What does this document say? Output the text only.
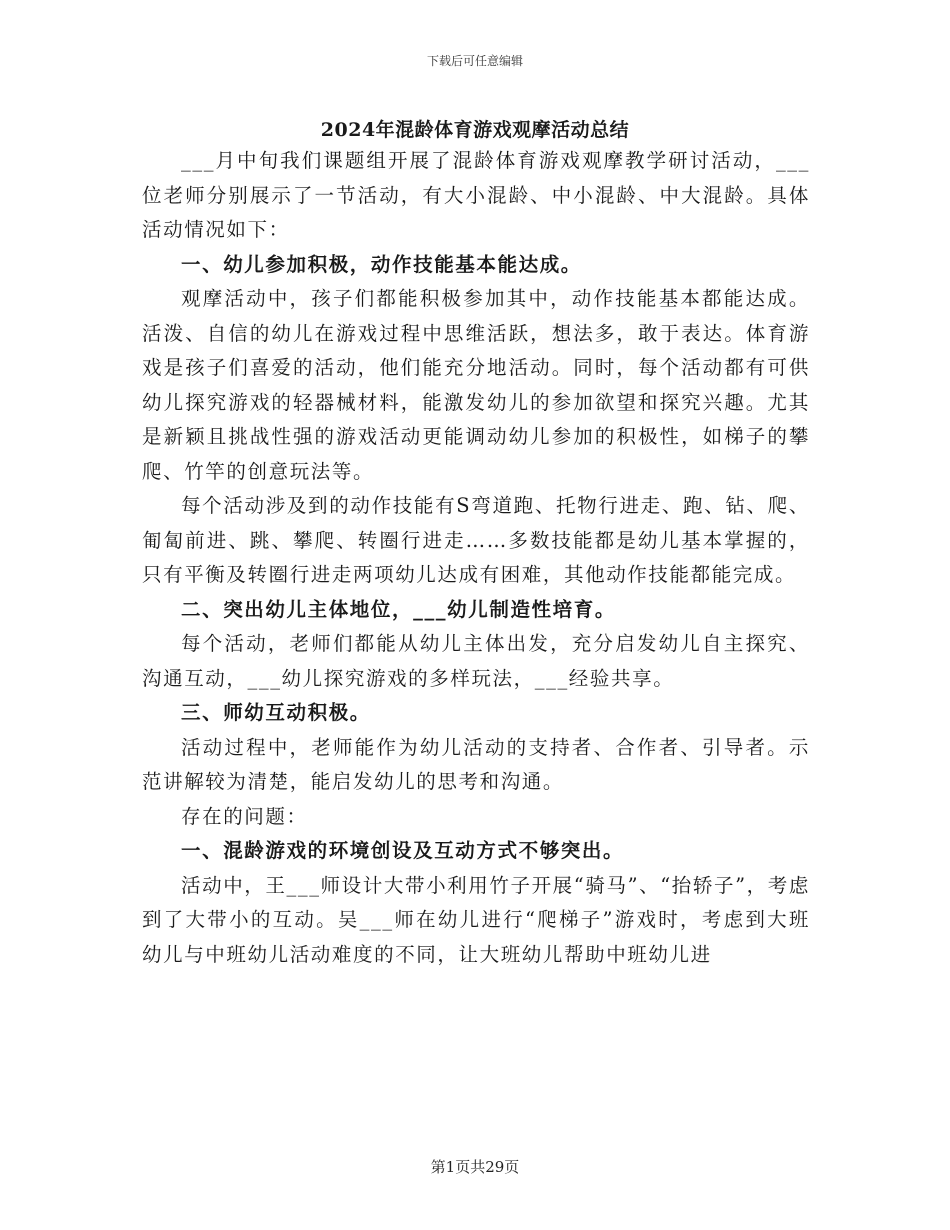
下载后可任意编辑
2024年混龄体育游戏观摩活动总结

___月中旬我们课题组开展了混龄体育游戏观摩教学研讨活动，___位老师分别展示了一节活动，有大小混龄、中小混龄、中大混龄。具体活动情况如下：

一、幼儿参加积极，动作技能基本能达成。

观摩活动中，孩子们都能积极参加其中，动作技能基本都能达成。活泼、自信的幼儿在游戏过程中思维活跃，想法多，敢于表达。体育游戏是孩子们喜爱的活动，他们能充分地活动。同时，每个活动都有可供幼儿探究游戏的轻器械材料，能激发幼儿的参加欲望和探究兴趣。尤其是新颖且挑战性强的游戏活动更能调动幼儿参加的积极性，如梯子的攀爬、竹竿的创意玩法等。

每个活动涉及到的动作技能有S弯道跑、托物行进走、跑、钻、爬、匍匐前进、跳、攀爬、转圈行进走……多数技能都是幼儿基本掌握的，只有平衡及转圈行进走两项幼儿达成有困难，其他动作技能都能完成。

二、突出幼儿主体地位，___幼儿制造性培育。

每个活动，老师们都能从幼儿主体出发，充分启发幼儿自主探究、沟通互动，___幼儿探究游戏的多样玩法，___经验共享。

三、师幼互动积极。

活动过程中，老师能作为幼儿活动的支持者、合作者、引导者。示范讲解较为清楚，能启发幼儿的思考和沟通。

存在的问题：

一、混龄游戏的环境创设及互动方式不够突出。

活动中，王___师设计大带小利用竹子开展“骑马”、“抬轿子”，考虑到了大带小的互动。吴___师在幼儿进行“爬梯子”游戏时，考虑到大班幼儿与中班幼儿活动难度的不同，让大班幼儿帮助中班幼儿进

第1页共29页
